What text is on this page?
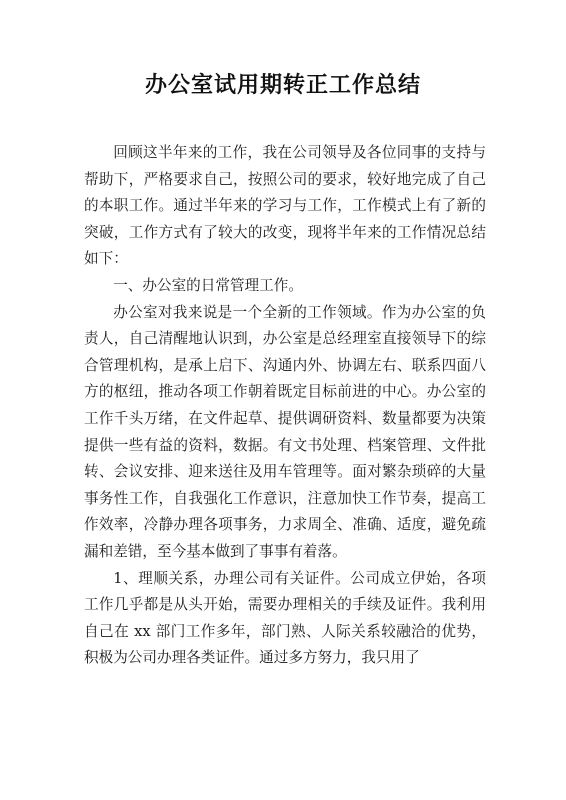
办公室试用期转正工作总结

回顾这半年来的工作，我在公司领导及各位同事的支持与帮助下，严格要求自己，按照公司的要求，较好地完成了自己的本职工作。通过半年来的学习与工作，工作模式上有了新的突破，工作方式有了较大的改变，现将半年来的工作情况总结如下：

一、办公室的日常管理工作。

办公室对我来说是一个全新的工作领域。作为办公室的负责人，自己清醒地认识到，办公室是总经理室直接领导下的综合管理机构，是承上启下、沟通内外、协调左右、联系四面八方的枢纽，推动各项工作朝着既定目标前进的中心。办公室的工作千头万绪，在文件起草、提供调研资料、数量都要为决策提供一些有益的资料，数据。有文书处理、档案管理、文件批转、会议安排、迎来送往及用车管理等。面对繁杂琐碎的大量事务性工作，自我强化工作意识，注意加快工作节奏，提高工作效率，冷静办理各项事务，力求周全、准确、适度，避免疏漏和差错，至今基本做到了事事有着落。

1、理顺关系，办理公司有关证件。公司成立伊始，各项工作几乎都是从头开始，需要办理相关的手续及证件。我利用自己在 xx 部门工作多年，部门熟、人际关系较融洽的优势，积极为公司办理各类证件。通过多方努力，我只用了
